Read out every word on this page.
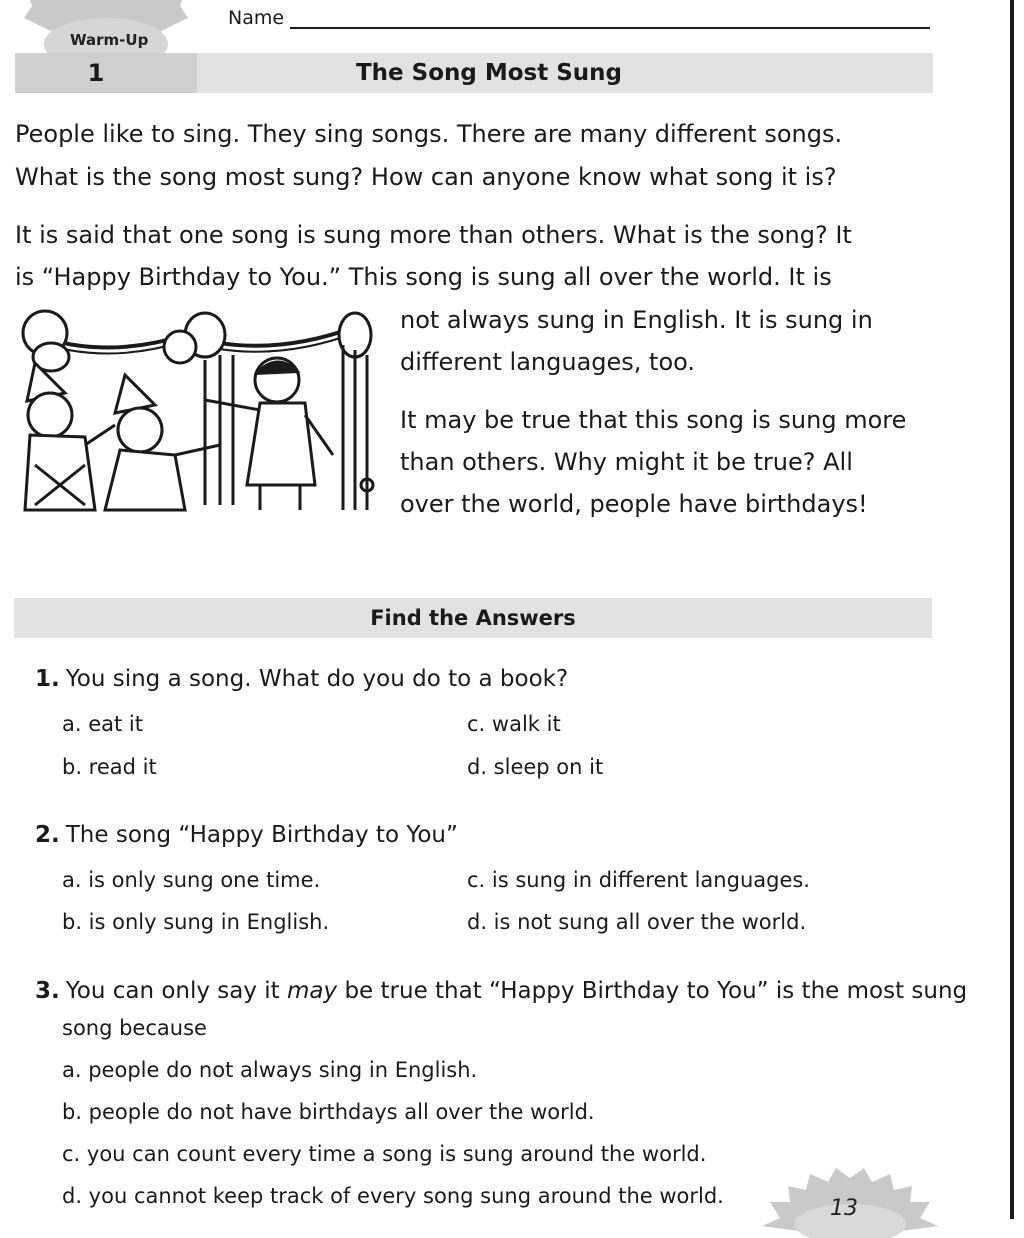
Warm-Up
Name
1	The Song Most Sung
People like to sing. They sing songs. There are many different songs.
What is the song most sung? How can anyone know what song it is?
It is said that one song is sung more than others. What is the song? It
is “Happy Birthday to You.” This song is sung all over the world. It is
not always sung in English. It is sung in
different languages, too.
It may be true that this song is sung more
than others. Why might it be true? All
over the world, people have birthdays!
Find the Answers
1. You sing a song. What do you do to a book?
a. eat it
b. read it
c. walk it
d. sleep on it
2. The song “Happy Birthday to You”
a. is only sung one time.
b. is only sung in English.
c. is sung in different languages.
d. is not sung all over the world.
3. You can only say it may be true that “Happy Birthday to You” is the most sung
song because
a. people do not always sing in English.
b. people do not have birthdays all over the world.
c. you can count every time a song is sung around the world.
d. you cannot keep track of every song sung around the world.	13
